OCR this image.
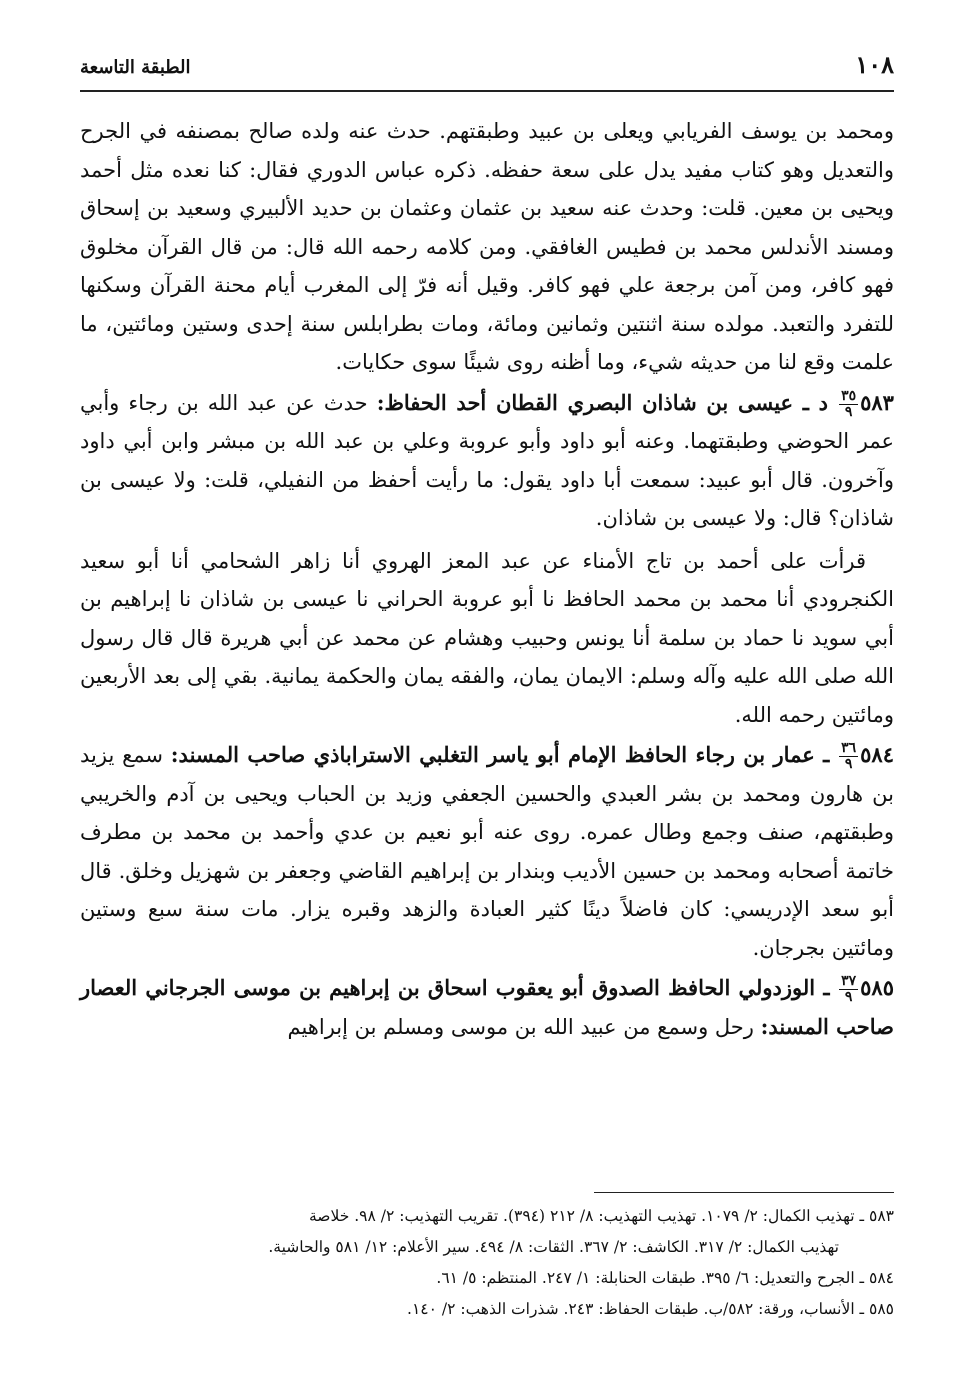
١٠٨
الطبقة التاسعة

ومحمد بن يوسف الفريابي ويعلى بن عبيد وطبقتهم. حدث عنه ولده صالح بمصنفه في الجرح والتعديل وهو كتاب مفيد يدل على سعة حفظه. ذكره عباس الدوري فقال: كنا نعده مثل أحمد ويحيى بن معين. قلت: وحدث عنه سعيد بن عثمان وعثمان بن حديد الألبيري وسعيد بن إسحاق ومسند الأندلس محمد بن فطيس الغافقي. ومن كلامه رحمه الله قال: من قال القرآن مخلوق فهو كافر، ومن آمن برجعة علي فهو كافر. وقيل أنه فرّ إلى المغرب أيام محنة القرآن وسكنها للتفرد والتعبد. مولده سنة اثنتين وثمانين ومائة، ومات بطرابلس سنة إحدى وستين ومائتين، ما علمت وقع لنا من حديثه شيء، وما أظنه روى شيئًا سوى حكايات.

٥٨٣
$\frac{٣٥}{٩}$
د ـ عيسى بن شاذان البصري القطان أحد الحفاظ: حدث عن عبد الله بن رجاء وأبي عمر الحوضي وطبقتهما. وعنه أبو داود وأبو عروبة وعلي بن عبد الله بن مبشر وابن أبي داود وآخرون. قال أبو عبيد: سمعت أبا داود يقول: ما رأيت أحفظ من النفيلي، قلت: ولا عيسى بن شاذان؟ قال: ولا عيسى بن شاذان.

قرأت على أحمد بن تاج الأمناء عن عبد المعز الهروي أنا زاهر الشحامي أنا أبو سعيد الكنجرودي أنا محمد بن محمد الحافظ نا أبو عروبة الحراني نا عيسى بن شاذان نا إبراهيم بن أبي سويد نا حماد بن سلمة أنا يونس وحبيب وهشام عن محمد عن أبي هريرة قال قال رسول الله صلى الله عليه وآله وسلم: الايمان يمان، والفقه يمان والحكمة يمانية. بقي إلى بعد الأربعين ومائتين رحمه الله.

٥٨٤
$\frac{٣٦}{٩}$
ـ عمار بن رجاء الحافظ الإمام أبو ياسر التغلبي الاستراباذي صاحب المسند: سمع يزيد بن هارون ومحمد بن بشر العبدي والحسين الجعفي وزيد بن الحباب ويحيى بن آدم والخريبي وطبقتهم، صنف وجمع وطال عمره. روى عنه أبو نعيم بن عدي وأحمد بن محمد بن مطرف خاتمة أصحابه ومحمد بن حسين الأديب وبندار بن إبراهيم القاضي وجعفر بن شهزيل وخلق. قال أبو سعد الإدريسي: كان فاضلاً دينًا كثير العبادة والزهد وقبره يزار. مات سنة سبع وستين ومائتين بجرجان.

٥٨٥
$\frac{٣٧}{٩}$
ـ الوزدولي الحافظ الصدوق أبو يعقوب اسحاق بن إبراهيم بن موسى الجرجاني العصار صاحب المسند: رحل وسمع من عبيد الله بن موسى ومسلم بن إبراهيم

٥٨٣ ـ تهذيب الكمال: ٢/ ١٠٧٩. تهذيب التهذيب: ٨/ ٢١٢ (٣٩٤). تقريب التهذيب: ٢/ ٩٨. خلاصة
تهذيب الكمال: ٢/ ٣١٧. الكاشف: ٢/ ٣٦٧. الثقات: ٨/ ٤٩٤. سير الأعلام: ١٢/ ٥٨١ والحاشية.
٥٨٤ ـ الجرح والتعديل: ٦/ ٣٩٥. طبقات الحنابلة: ١/ ٢٤٧. المنتظم: ٥/ ٦١.
٥٨٥ ـ الأنساب، ورقة: ٥٨٢/ب. طبقات الحفاظ: ٢٤٣. شذرات الذهب: ٢/ ١٤٠.
